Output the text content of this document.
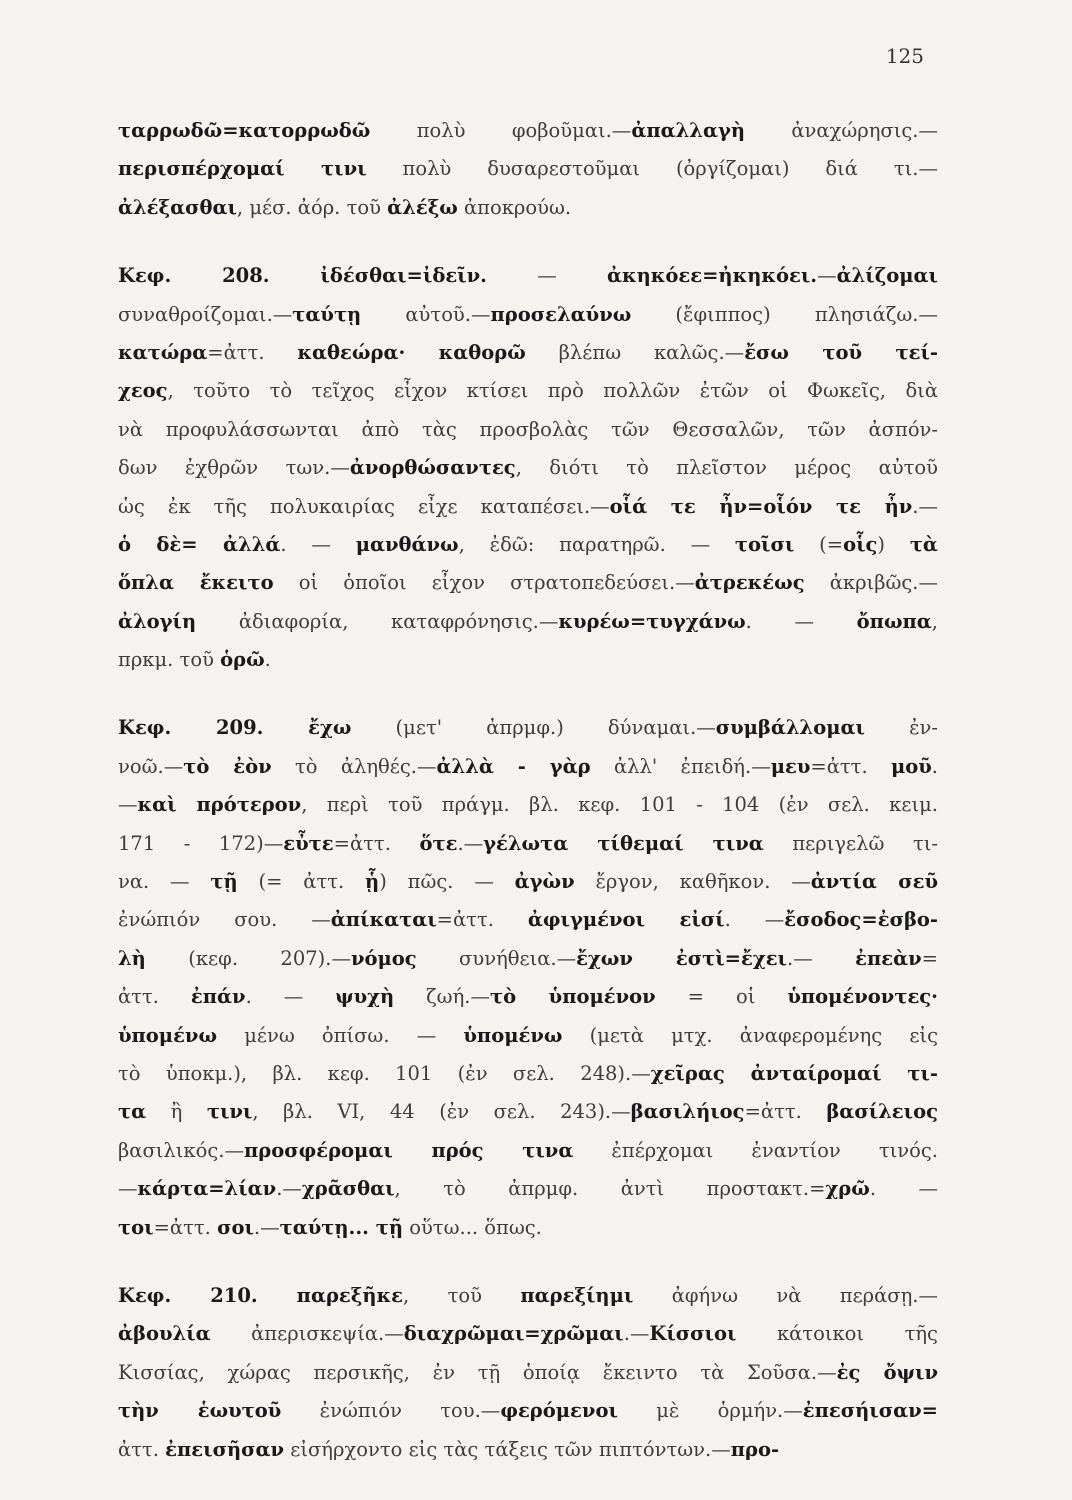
125
ταρρωδῶ=κατορρωδῶ πολὺ φοβοῦμαι.—ἀπαλλαγὴ ἀναχώρησις.—
περισπέρχομαί τινι πολὺ δυσαρεστοῦμαι (ὀργίζομαι) διά τι.—
ἀλέξασθαι, μέσ. ἀόρ. τοῦ ἀλέξω ἀποκρούω.
Κεφ. 208. ἰδέσθαι=ἰδεῖν. — ἀκηκόεε=ἠκηκόει.—ἀλίζομαι
συναθροίζομαι.—ταύτῃ αὐτοῦ.—προσελαύνω (ἔφιππος) πλησιάζω.—
κατώρα=ἀττ. καθεώρα· καθορῶ βλέπω καλῶς.—ἔσω τοῦ τεί-
χεος, τοῦτο τὸ τεῖχος εἶχον κτίσει πρὸ πολλῶν ἐτῶν οἱ Φωκεῖς, διὰ
νὰ προφυλάσσωνται ἀπὸ τὰς προσβολὰς τῶν Θεσσαλῶν, τῶν ἀσπόν-
δων ἐχθρῶν των.—ἀνορθώσαντες, διότι τὸ πλεῖστον μέρος αὐτοῦ
ὡς ἐκ τῆς πολυκαιρίας εἶχε καταπέσει.—οἷά τε ἦν=οἷόν τε ἦν.—
ὁ δὲ= ἀλλά. — μανθάνω, ἐδῶ: παρατηρῶ. — τοῖσι (=οἷς) τὰ
ὅπλα ἔκειτο οἱ ὁποῖοι εἶχον στρατοπεδεύσει.—ἀτρεκέως ἀκριβῶς.—
ἀλογίη ἀδιαφορία, καταφρόνησις.—κυρέω=τυγχάνω. — ὄπωπα,
πρκμ. τοῦ ὁρῶ.
Κεφ. 209. ἔχω (μετ' ἀπρμφ.) δύναμαι.—συμβάλλομαι ἐν-
νοῶ.—τὸ ἐὸν τὸ ἀληθές.—ἀλλὰ - γὰρ ἀλλ' ἐπειδή.—μευ=ἀττ. μοῦ.
—καὶ πρότερον, περὶ τοῦ πράγμ. βλ. κεφ. 101 - 104 (ἐν σελ. κειμ.
171 - 172)—εὖτε=ἀττ. ὅτε.—γέλωτα τίθεμαί τινα περιγελῶ τι-
να. — τῇ (= ἀττ. ᾗ) πῶς. — ἀγὼν ἔργον, καθῆκον. —ἀντία σεῦ
ἐνώπιόν σου. —ἀπίκαται=ἀττ. ἀφιγμένοι εἰσί. —ἔσοδος=ἐσβο-
λὴ (κεφ. 207).—νόμος συνήθεια.—ἔχων ἐστὶ=ἔχει.— ἐπεὰν=
ἀττ. ἐπάν. — ψυχὴ ζωή.—τὸ ὑπομένον = οἱ ὑπομένοντες·
ὑπομένω μένω ὀπίσω. — ὑπομένω (μετὰ μτχ. ἀναφερομένης εἰς
τὸ ὑποκμ.), βλ. κεφ. 101 (ἐν σελ. 248).—χεῖρας ἀνταίρομαί τι-
τα ἢ τινι, βλ. VI, 44 (ἐν σελ. 243).—βασιλήιος=ἀττ. βασίλειος
βασιλικός.—προσφέρομαι πρός τινα ἐπέρχομαι ἐναντίον τινός.
—κάρτα=λίαν.—χρᾶσθαι, τὸ ἀπρμφ. ἀντὶ προστακτ.=χρῶ. —
τοι=ἀττ. σοι.—ταύτῃ... τῇ οὕτω... ὅπως.
Κεφ. 210. παρεξῆκε, τοῦ παρεξίημι ἀφήνω νὰ περάσῃ.—
ἀβουλία ἀπερισκεψία.—διαχρῶμαι=χρῶμαι.—Κίσσιοι κάτοικοι τῆς
Κισσίας, χώρας περσικῆς, ἐν τῇ ὁποίᾳ ἔκειντο τὰ Σοῦσα.—ἐς ὄψιν
τὴν ἑωυτοῦ ἐνώπιόν του.—φερόμενοι μὲ ὁρμήν.—ἐπεσήισαν=
ἀττ. ἐπεισῆσαν εἰσήρχοντο εἰς τὰς τάξεις τῶν πιπτόντων.—προ-
